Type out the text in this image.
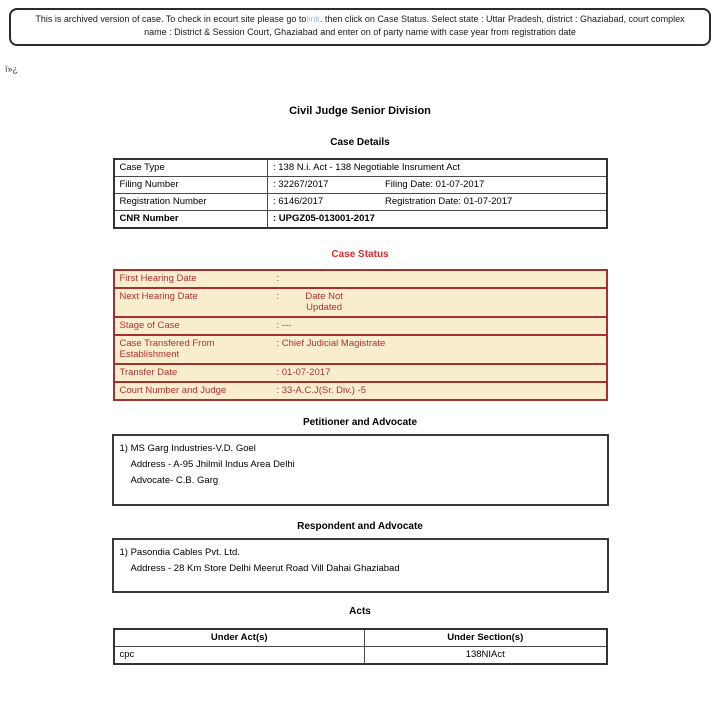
This is archived version of case. To check in ecourt site please go tolink. then click on Case Status. Select state : Uttar Pradesh, district : Ghaziabad, court complex name : District & Session Court, Ghaziabad and enter on of party name with case year from registration date
ï»¿
Civil Judge Senior Division
Case Details
Case Type	: 138 N.i. Act - 138 Negotiable Insrument Act
Filing Number	: 32267/2017 Filing Date: 01-07-2017
Registration Number	: 6146/2017 Registration Date: 01-07-2017
CNR Number	: UPGZ05-013001-2017
Case Status
First Hearing Date	:
Next Hearing Date	: Date Not Updated
Stage of Case	: ---
Case Transfered From Establishment	: Chief Judicial Magistrate
Transfer Date	: 01-07-2017
Court Number and Judge	: 33-A.C.J(Sr. Div.) -5
Petitioner and Advocate
1) MS Garg Industries-V.D. Goel
Address - A-95 Jhilmil Indus Area Delhi
Advocate- C.B. Garg
Respondent and Advocate
1) Pasondia Cables Pvt. Ltd.
Address - 28 Km Store Delhi Meerut Road Vill Dahai Ghaziabad
Acts
Under Act(s)	Under Section(s)
cpc	138NIAct
